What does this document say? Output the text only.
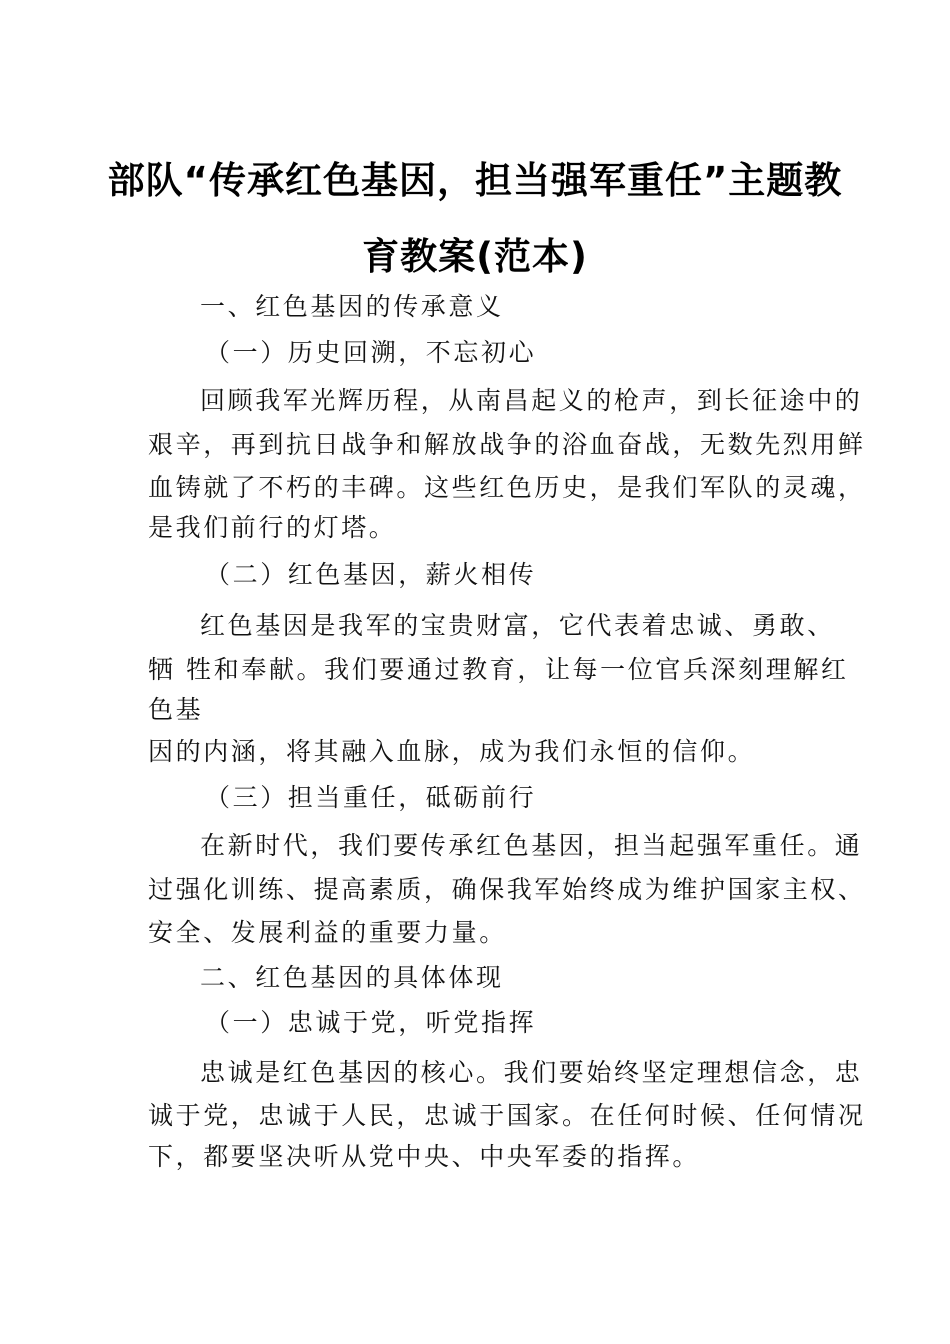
部队“传承红色基因，担当强军重任”主题教
育教案(范本)
一、红色基因的传承意义
（一）历史回溯，不忘初心
回顾我军光辉历程，从南昌起义的枪声，到长征途中的
艰辛，再到抗日战争和解放战争的浴血奋战，无数先烈用鲜
血铸就了不朽的丰碑。这些红色历史，是我们军队的灵魂，
是我们前行的灯塔。
（二）红色基因，薪火相传
红色基因是我军的宝贵财富，它代表着忠诚、勇敢、
牺 牲和奉献。我们要通过教育，让每一位官兵深刻理解红
色基
因的内涵，将其融入血脉，成为我们永恒的信仰。
（三）担当重任，砥砺前行
在新时代，我们要传承红色基因，担当起强军重任。通
过强化训练、提高素质，确保我军始终成为维护国家主权、
安全、发展利益的重要力量。
二、红色基因的具体体现
（一）忠诚于党，听党指挥
忠诚是红色基因的核心。我们要始终坚定理想信念，忠
诚于党，忠诚于人民，忠诚于国家。在任何时候、任何情况
下，都要坚决听从党中央、中央军委的指挥。
